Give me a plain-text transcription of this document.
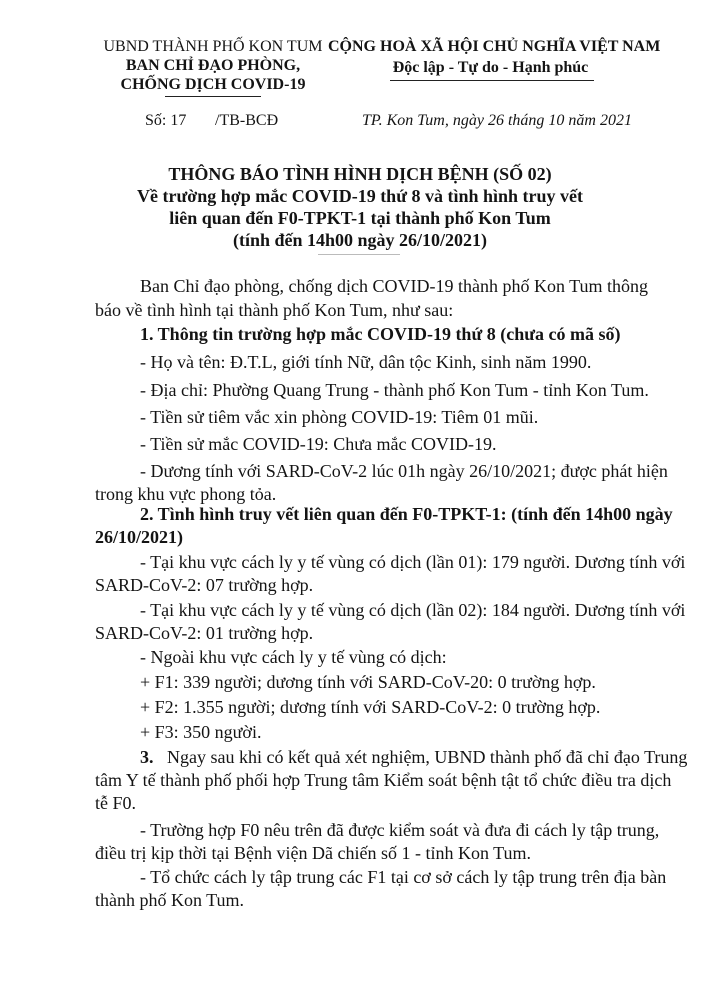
UBND THÀNH PHỐ KON TUM
BAN CHỈ ĐẠO PHÒNG,
CHỐNG DỊCH COVID-19
CỘNG HOÀ XÃ HỘI CHỦ NGHĨA VIỆT NAM
Độc lập - Tự do - Hạnh phúc
Số: 17 /TB-BCĐ	TP. Kon Tum, ngày 26 tháng 10 năm 2021
THÔNG BÁO TÌNH HÌNH DỊCH BỆNH (SỐ 02)
Về trường hợp mắc COVID-19 thứ 8 và tình hình truy vết
liên quan đến F0-TPKT-1 tại thành phố Kon Tum
(tính đến 14h00 ngày 26/10/2021)
Ban Chỉ đạo phòng, chống dịch COVID-19 thành phố Kon Tum thông
báo về tình hình tại thành phố Kon Tum, như sau:
1. Thông tin trường hợp mắc COVID-19 thứ 8 (chưa có mã số)
- Họ và tên: Đ.T.L, giới tính Nữ, dân tộc Kinh, sinh năm 1990.
- Địa chỉ: Phường Quang Trung - thành phố Kon Tum - tỉnh Kon Tum.
- Tiền sử tiêm vắc xin phòng COVID-19: Tiêm 01 mũi.
- Tiền sử mắc COVID-19: Chưa mắc COVID-19.
- Dương tính với SARD-CoV-2 lúc 01h ngày 26/10/2021; được phát hiện
trong khu vực phong tỏa.
2. Tình hình truy vết liên quan đến F0-TPKT-1: (tính đến 14h00 ngày
26/10/2021)
- Tại khu vực cách ly y tế vùng có dịch (lần 01): 179 người. Dương tính với
SARD-CoV-2: 07 trường hợp.
- Tại khu vực cách ly y tế vùng có dịch (lần 02): 184 người. Dương tính với
SARD-CoV-2: 01 trường hợp.
- Ngoài khu vực cách ly y tế vùng có dịch:
+ F1: 339 người; dương tính với SARD-CoV-20: 0 trường hợp.
+ F2: 1.355 người; dương tính với SARD-CoV-2: 0 trường hợp.
+ F3: 350 người.
3. Ngay sau khi có kết quả xét nghiệm, UBND thành phố đã chỉ đạo Trung
tâm Y tế thành phố phối hợp Trung tâm Kiểm soát bệnh tật tổ chức điều tra dịch
tễ F0.
- Trường hợp F0 nêu trên đã được kiểm soát và đưa đi cách ly tập trung,
điều trị kịp thời tại Bệnh viện Dã chiến số 1 - tỉnh Kon Tum.
- Tổ chức cách ly tập trung các F1 tại cơ sở cách ly tập trung trên địa bàn
thành phố Kon Tum.
